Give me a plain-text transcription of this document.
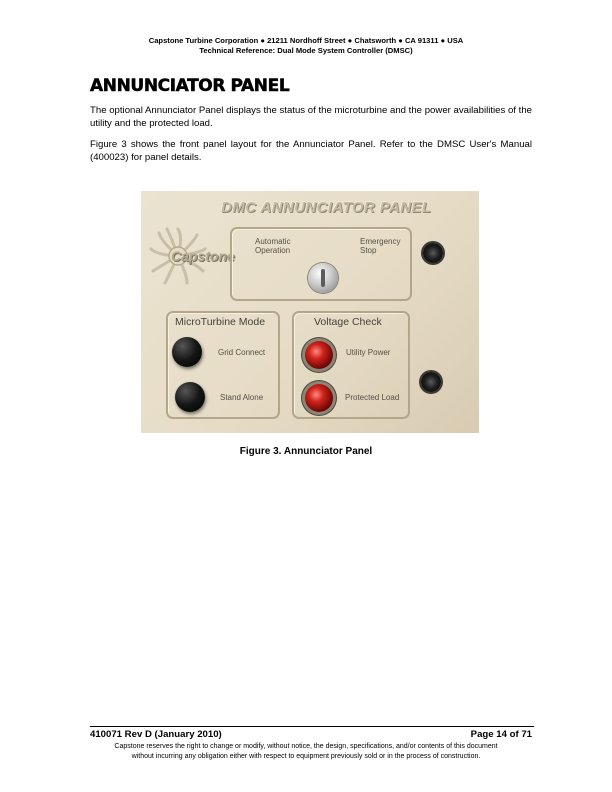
Capstone Turbine Corporation ● 21211 Nordhoff Street ● Chatsworth ● CA 91311 ● USA
Technical Reference: Dual Mode System Controller (DMSC)
ANNUNCIATOR PANEL

The optional Annunciator Panel displays the status of the microturbine and the power availabilities of the utility and the protected load.

Figure 3 shows the front panel layout for the Annunciator Panel. Refer to the DMSC User's Manual (400023) for panel details.

DMC ANNUNCIATOR PANEL
Capstone
Automatic
Operation
Emergency
Stop
MicroTurbine Mode
Grid Connect
Stand Alone
Voltage Check
Utility Power
Protected Load
Figure 3. Annunciator Panel
410071 Rev D (January 2010)	Page 14 of 71
Capstone reserves the right to change or modify, without notice, the design, specifications, and/or contents of this document
without incurring any obligation either with respect to equipment previously sold or in the process of construction.
